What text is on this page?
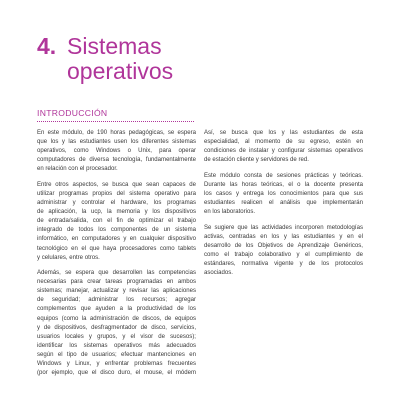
4. Sistemas
operativos
INTRODUCCIÓN

En este módulo, de 190 horas pedagógicas, se espera
que los y las estudiantes usen los diferentes sistemas
operativos, como Windows o Unix, para operar
computadores de diversa tecnología, fundamentalmente
en relación con el procesador.

Entre otros aspectos, se busca que sean capaces de
utilizar programas propios del sistema operativo para
administrar y controlar el hardware, los programas
de aplicación, la ucp, la memoria y los dispositivos
de entrada/salida, con el fin de optimizar el trabajo
integrado de todos los componentes de un sistema
informático, en computadores y en cualquier dispositivo
tecnológico en el que haya procesadores como tablets
y celulares, entre otros.

Además, se espera que desarrollen las competencias
necesarias para crear tareas programadas en ambos
sistemas; manejar, actualizar y revisar las aplicaciones
de seguridad; administrar los recursos; agregar
complementos que ayuden a la productividad de los
equipos (como la administración de discos, de equipos
y de dispositivos, desfragmentador de disco, servicios,
usuarios locales y grupos, y el visor de sucesos);
identificar los sistemas operativos más adecuados
según el tipo de usuarios; efectuar mantenciones en
Windows y Linux, y enfrentar problemas frecuentes
(por ejemplo, que el disco duro, el mouse, el módem

Así, se busca que los y las estudiantes de esta
especialidad, al momento de su egreso, estén en
condiciones de instalar y configurar sistemas operativos
de estación cliente y servidores de red.

Este módulo consta de sesiones prácticas y teóricas.
Durante las horas teóricas, el o la docente presenta
los casos y entrega los conocimientos para que sus
estudiantes realicen el análisis que implementarán
en los laboratorios.

Se sugiere que las actividades incorporen metodologías
activas, centradas en los y las estudiantes y en el
desarrollo de los Objetivos de Aprendizaje Genéricos,
como el trabajo colaborativo y el cumplimiento de
estándares, normativa vigente y de los protocolos
asociados.
